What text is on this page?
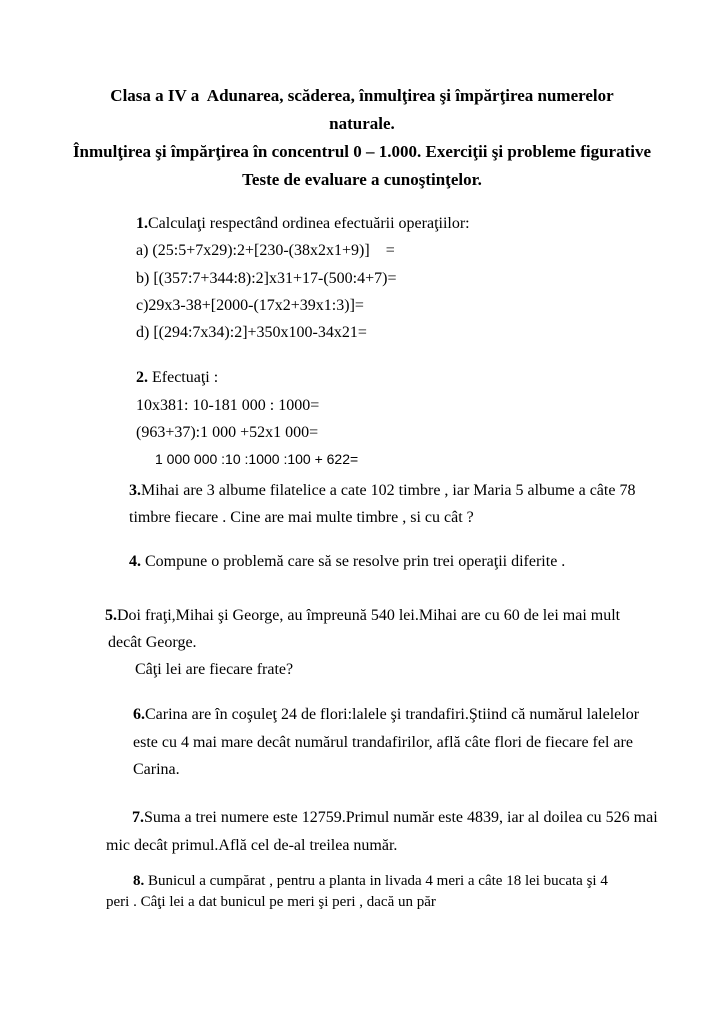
Clasa a IV a  Adunarea, scăderea, înmulţirea şi împărţirea numerelor
naturale.
Înmulţirea şi împărţirea în concentrul 0 – 1.000. Exerciţii şi probleme figurative
Teste de evaluare a cunoştinţelor.
1.Calculaţi respectând ordinea efectuării operaţiilor:
a) (25:5+7x29):2+[230-(38x2x1+9)]    =
b) [(357:7+344:8):2]x31+17-(500:4+7)=
c)29x3-38+[2000-(17x2+39x1:3)]=
d) [(294:7x34):2]+350x100-34x21=
2. Efectuaţi :
10x381: 10-181 000 : 1000=
(963+37):1 000 +52x1 000=
1 000 000 :10 :1000 :100 + 622=
3.Mihai are 3 albume filatelice a cate 102 timbre , iar Maria 5 albume a câte 78
timbre fiecare . Cine are mai multe timbre , si cu cât ?
4. Compune o problemă care să se resolve prin trei operaţii diferite .
5.Doi fraţi,Mihai şi George, au împreună 540 lei.Mihai are cu 60 de lei mai mult
decât George.
Câţi lei are fiecare frate?
6.Carina are în coşuleţ 24 de flori:lalele şi trandafiri.Ştiind că numărul lalelelor
este cu 4 mai mare decât numărul trandafirilor, află câte flori de fiecare fel are
Carina.
7.Suma a trei numere este 12759.Primul număr este 4839, iar al doilea cu 526 mai
mic decât primul.Află cel de-al treilea număr.
8. Bunicul a cumpărat , pentru a planta in livada 4 meri a câte 18 lei bucata şi 4
peri . Câţi lei a dat bunicul pe meri şi peri , dacă un păr
